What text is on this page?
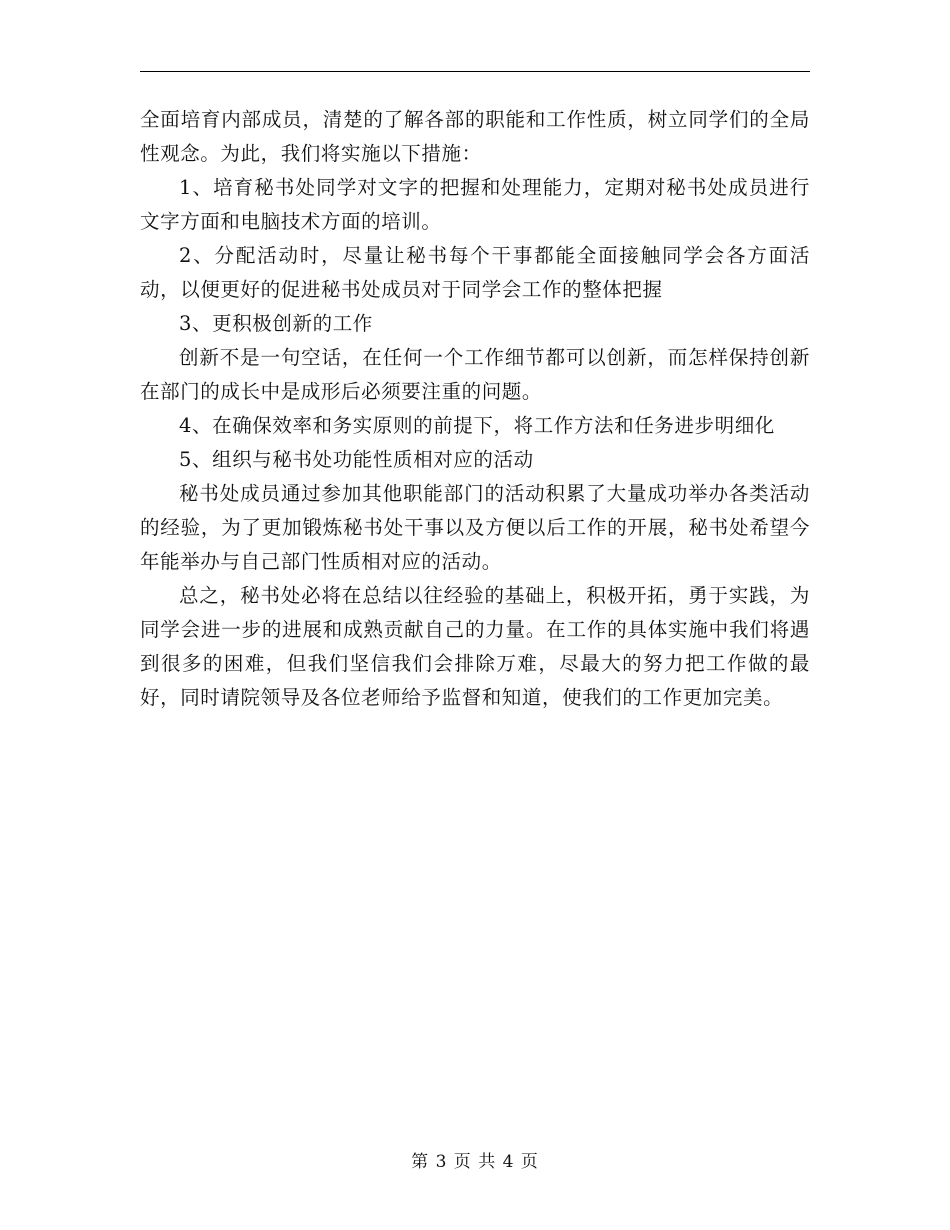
全面培育内部成员，清楚的了解各部的职能和工作性质，树立同学们的全局性观念。为此，我们将实施以下措施：

1、培育秘书处同学对文字的把握和处理能力，定期对秘书处成员进行文字方面和电脑技术方面的培训。

2、分配活动时，尽量让秘书每个干事都能全面接触同学会各方面活动，以便更好的促进秘书处成员对于同学会工作的整体把握

3、更积极创新的工作

创新不是一句空话，在任何一个工作细节都可以创新，而怎样保持创新在部门的成长中是成形后必须要注重的问题。

4、在确保效率和务实原则的前提下，将工作方法和任务进步明细化

5、组织与秘书处功能性质相对应的活动

秘书处成员通过参加其他职能部门的活动积累了大量成功举办各类活动的经验，为了更加锻炼秘书处干事以及方便以后工作的开展，秘书处希望今年能举办与自己部门性质相对应的活动。

总之，秘书处必将在总结以往经验的基础上，积极开拓，勇于实践，为同学会进一步的进展和成熟贡献自己的力量。在工作的具体实施中我们将遇到很多的困难，但我们坚信我们会排除万难，尽最大的努力把工作做的最好，同时请院领导及各位老师给予监督和知道，使我们的工作更加完美。

第 3 页 共 4 页
